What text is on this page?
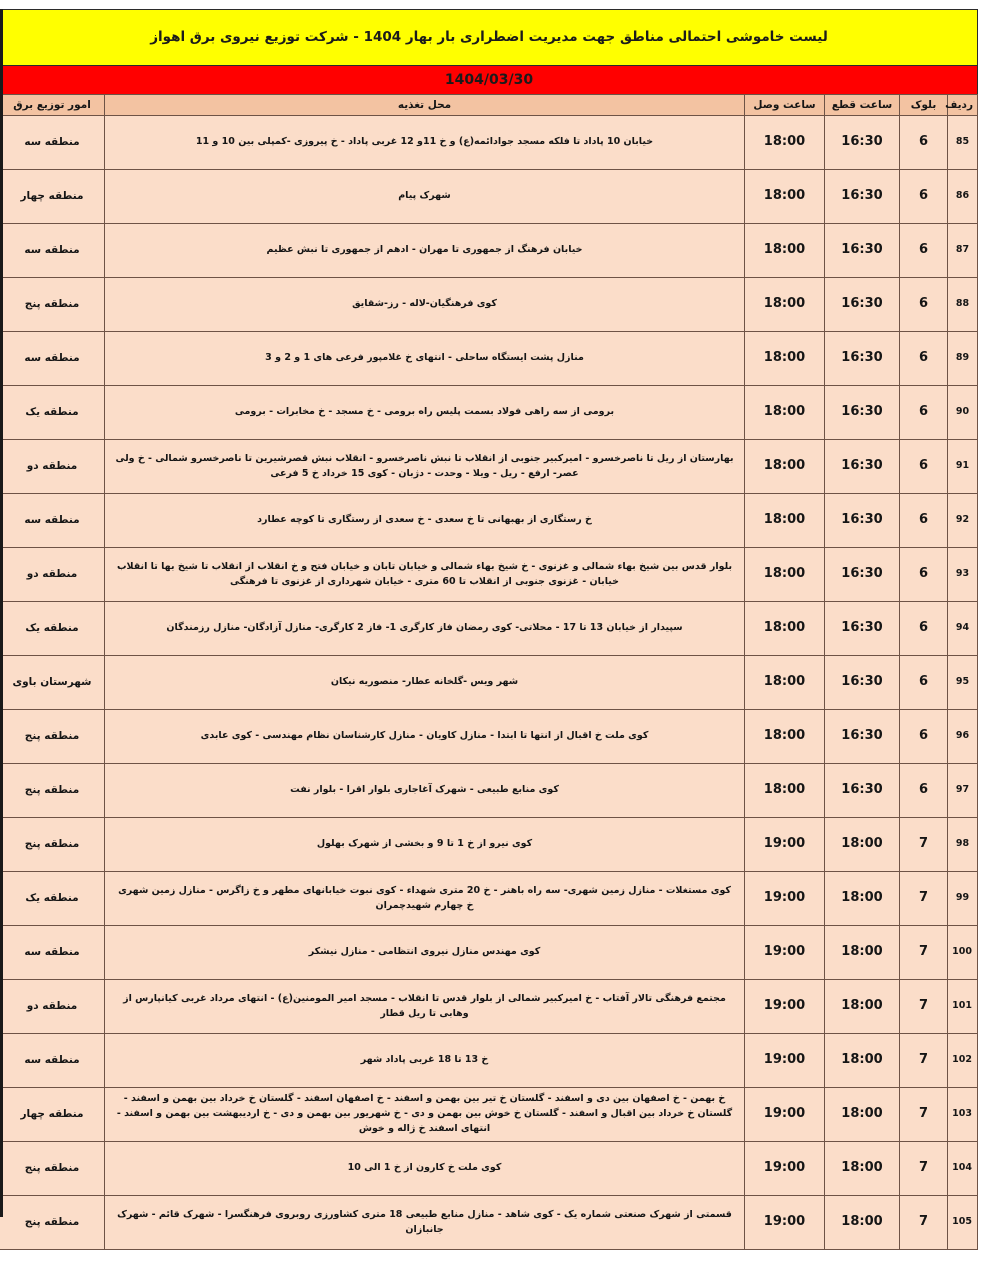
لیست خاموشی احتمالی مناطق جهت مدیریت اضطراری بار بهار 1404 - شرکت توزیع نیروی برق اهواز
1404/03/30
ردیف	بلوک	ساعت قطع	ساعت وصل	محل تغذیه	امور توزیع برق
85	6	16:30	18:00	خیابان 10 پاداد تا فلکه مسجد جوادائمه(ع) و خ 11و 12 غربی پاداد - خ پیروزی -کمپلی بین 10 و 11	منطقه سه
86	6	16:30	18:00	شهرک پیام	منطقه چهار
87	6	16:30	18:00	خیابان فرهنگ از جمهوری تا مهران - ادهم از جمهوری تا نبش عظیم	منطقه سه
88	6	16:30	18:00	کوی فرهنگیان-لاله - رز-شقایق	منطقه پنج
89	6	16:30	18:00	منازل پشت ایستگاه ساحلی - انتهای خ غلامپور فرعی های 1 و 2 و 3	منطقه سه
90	6	16:30	18:00	برومی از سه راهی فولاد بسمت پلیس راه برومی - خ مسجد - خ مخابرات - برومی	منطقه یک
91	6	16:30	18:00	بهارستان از ریل تا ناصرخسرو - امیرکبیر جنوبی از انقلاب تا نبش ناصرخسرو - انقلاب نبش قصرشیرین تا ناصرخسرو شمالی - خ ولی عصر- ارفع - ریل - ویلا - وحدت - دژبان - کوی 15 خرداد خ 5 فرعی	منطقه دو
92	6	16:30	18:00	خ رستگاری از بهبهانی تا خ سعدی - خ سعدی از رستگاری تا کوچه عطارد	منطقه سه
93	6	16:30	18:00	بلوار قدس بین شیخ بهاء شمالی و غزنوی - خ شیخ بهاء شمالی و خیابان تابان و خیابان فتح و خ انقلاب از انقلاب تا شیخ بها تا انقلاب خیابان - غزنوی جنوبی از انقلاب تا 60 متری - خیابان شهرداری از غزنوی تا فرهنگی	منطقه دو
94	6	16:30	18:00	سپیدار از خیابان 13 تا 17 - محلاتی- کوی رمضان فاز کارگری 1- فاز 2 کارگری- منازل آزادگان- منازل رزمندگان	منطقه یک
95	6	16:30	18:00	شهر ویس -گلخانه عطار- منصوریه نیکان	شهرستان باوی
96	6	16:30	18:00	کوی ملت خ اقبال از انتها تا ابتدا - منازل کاویان - منازل کارشناسان نظام مهندسی - کوی عابدی	منطقه پنج
97	6	16:30	18:00	کوی منابع طبیعی - شهرک آغاجاری بلوار اقرا - بلوار نفت	منطقه پنج
98	7	18:00	19:00	کوی نیرو از خ 1 تا 9 و بخشی از شهرک بهلول	منطقه پنج
99	7	18:00	19:00	کوی مستغلات - منازل زمین شهری- سه راه باهنر - خ 20 متری شهداء - کوی نبوت خیابانهای مطهر و خ زاگرس - منازل زمین شهری خ چهارم شهیدچمران	منطقه یک
100	7	18:00	19:00	کوی مهندس منازل نیروی انتظامی - منازل نیشکر	منطقه سه
101	7	18:00	19:00	مجتمع فرهنگی تالار آفتاب - خ امیرکبیر شمالی از بلوار قدس تا انقلاب - مسجد امیر المومنین(ع) - انتهای مرداد غربی کیانپارس از وهابی تا ریل قطار	منطقه دو
102	7	18:00	19:00	خ 13 تا 18 غربی پاداد شهر	منطقه سه
103	7	18:00	19:00	خ بهمن - خ اصفهان بین دی و اسفند - گلستان خ تیر بین بهمن و اسفند - خ اصفهان اسفند - گلستان خ خرداد بین بهمن و اسفند - گلستان خ خرداد بین اقبال و اسفند - گلستان خ خوش بین بهمن و دی - خ شهریور بین بهمن و دی - خ اردیبهشت بین بهمن و اسفند - انتهای اسفند خ ژاله و خوش	منطقه چهار
104	7	18:00	19:00	کوی ملت خ کارون از خ 1 الی 10	منطقه پنج
105	7	18:00	19:00	قسمتی از شهرک صنعتی شماره یک - کوی شاهد - منازل منابع طبیعی 18 متری کشاورزی روبروی فرهنگسرا - شهرک قائم - شهرک جانبازان	منطقه پنج
